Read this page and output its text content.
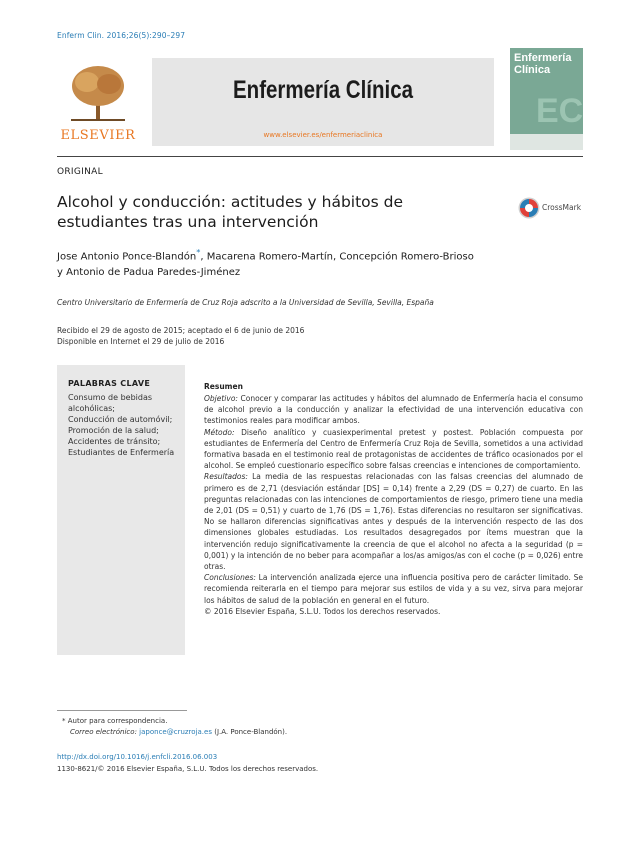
Enferm Clin. 2016;26(5):290–297
ELSEVIER
Enfermería Clínica
www.elsevier.es/enfermeriaclinica
Enfermería
Clínica
EC
ORIGINAL
Alcohol y conducción: actitudes y hábitos de estudiantes tras una intervención
CrossMark
Jose Antonio Ponce-Blandón*, Macarena Romero-Martín, Concepción Romero-Brioso
y Antonio de Padua Paredes-Jiménez
Centro Universitario de Enfermería de Cruz Roja adscrito a la Universidad de Sevilla, Sevilla, España
Recibido el 29 de agosto de 2015; aceptado el 6 de junio de 2016
Disponible en Internet el 29 de julio de 2016
PALABRAS CLAVE
Consumo de bebidas alcohólicas;
Conducción de automóvil;
Promoción de la salud;
Accidentes de tránsito;
Estudiantes de Enfermería
Resumen

Objetivo: Conocer y comparar las actitudes y hábitos del alumnado de Enfermería hacia el consumo de alcohol previo a la conducción y analizar la efectividad de una intervención educativa con testimonios reales para modificar ambos.

Método: Diseño analítico y cuasiexperimental pretest y postest. Población compuesta por estudiantes de Enfermería del Centro de Enfermería Cruz Roja de Sevilla, sometidos a una actividad formativa basada en el testimonio real de protagonistas de accidentes de tráfico ocasionados por el alcohol. Se empleó cuestionario específico sobre falsas creencias e intenciones de comportamiento.

Resultados: La media de las respuestas relacionadas con las falsas creencias del alumnado de primero es de 2,71 (desviación estándar [DS] = 0,14) frente a 2,29 (DS = 0,27) de cuarto. En las preguntas relacionadas con las intenciones de comportamientos de riesgo, primero tiene una media de 2,01 (DS = 0,51) y cuarto de 1,76 (DS = 1,76). Estas diferencias no resultaron ser significativas. No se hallaron diferencias significativas antes y después de la intervención respecto de las dos dimensiones globales estudiadas. Los resultados desagregados por ítems muestran que la intervención redujo significativamente la creencia de que el alcohol no afecta a la seguridad (p = 0,001) y la intención de no beber para acompañar a los/as amigos/as con el coche (p = 0,026) entre otras.

Conclusiones: La intervención analizada ejerce una influencia positiva pero de carácter limitado. Se recomienda reiterarla en el tiempo para mejorar sus estilos de vida y a su vez, sirva para mejorar los hábitos de salud de la población en general en el futuro.

© 2016 Elsevier España, S.L.U. Todos los derechos reservados.

* Autor para correspondencia.
Correo electrónico: japonce@cruzroja.es (J.A. Ponce-Blandón).
http://dx.doi.org/10.1016/j.enfcli.2016.06.003
1130-8621/© 2016 Elsevier España, S.L.U. Todos los derechos reservados.
